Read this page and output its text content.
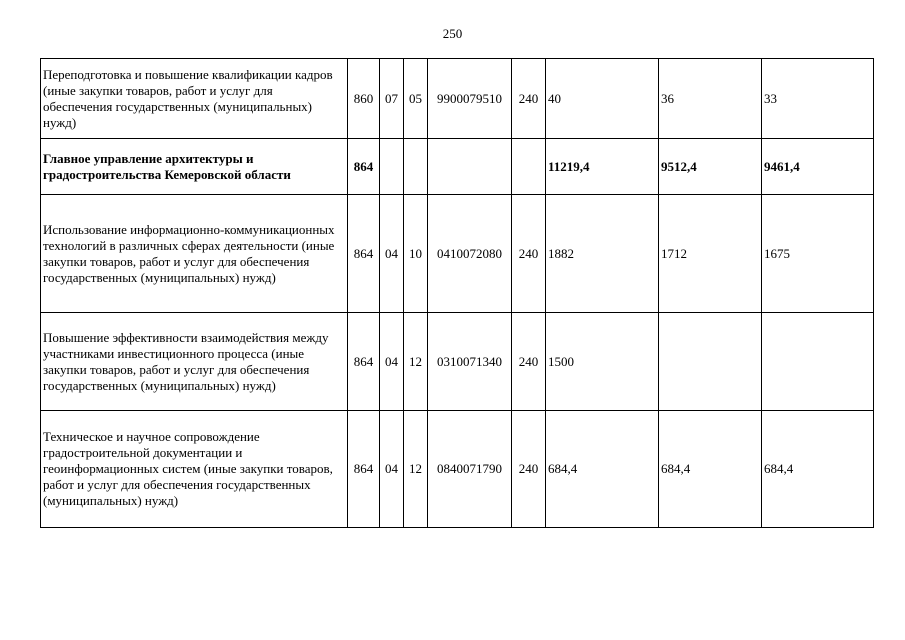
250
Переподготовка и повышение квалификации кадров (иные закупки товаров, работ и услуг для обеспечения государственных (муниципальных) нужд)	860	07	05	9900079510	240	40	36	33
Главное управление архитектуры и градостроительства Кемеровской области	864					11219,4	9512,4	9461,4
Использование информационно-коммуникационных технологий в различных сферах деятельности (иные закупки товаров, работ и услуг для обеспечения государственных (муниципальных) нужд)	864	04	10	0410072080	240	1882	1712	1675
Повышение эффективности взаимодействия между участниками инвестиционного процесса (иные закупки товаров, работ и услуг для обеспечения государственных (муниципальных) нужд)	864	04	12	0310071340	240	1500		
Техническое и научное сопровождение градостроительной документации и геоинформационных систем (иные закупки товаров, работ и услуг для обеспечения государственных (муниципальных) нужд)	864	04	12	0840071790	240	684,4	684,4	684,4
